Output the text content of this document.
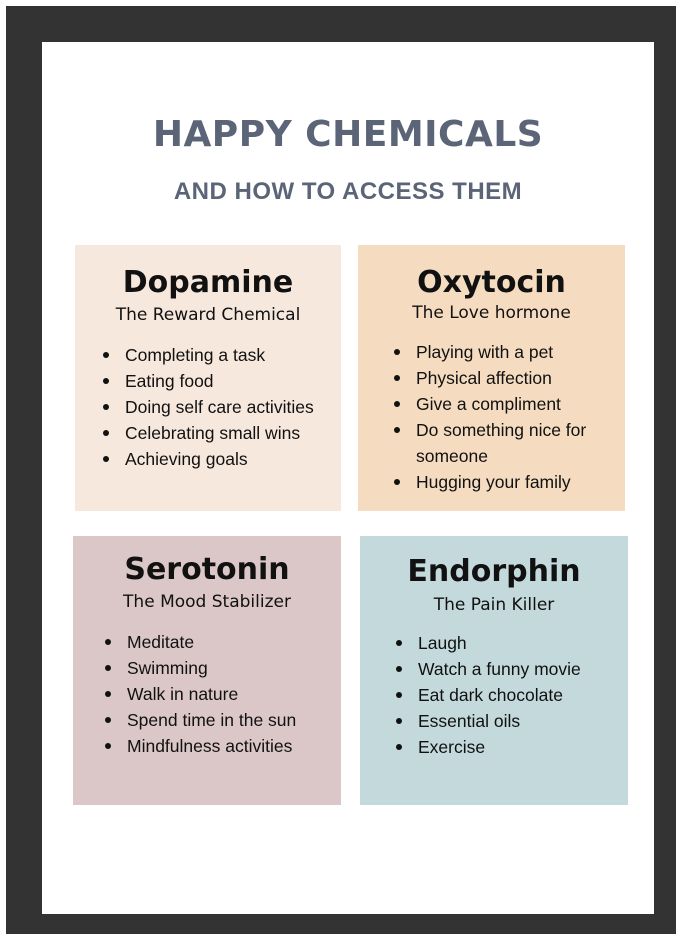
HAPPY CHEMICALS
AND HOW TO ACCESS THEM
Dopamine

The Reward Chemical

Completing a task
Eating food
Doing self care activities
Celebrating small wins
Achieving goals
Oxytocin

The Love hormone

Playing with a pet
Physical affection
Give a compliment
Do something nice for
someone
Hugging your family
Serotonin

The Mood Stabilizer

Meditate
Swimming
Walk in nature
Spend time in the sun
Mindfulness activities
Endorphin

The Pain Killer

Laugh
Watch a funny movie
Eat dark chocolate
Essential oils
Exercise
